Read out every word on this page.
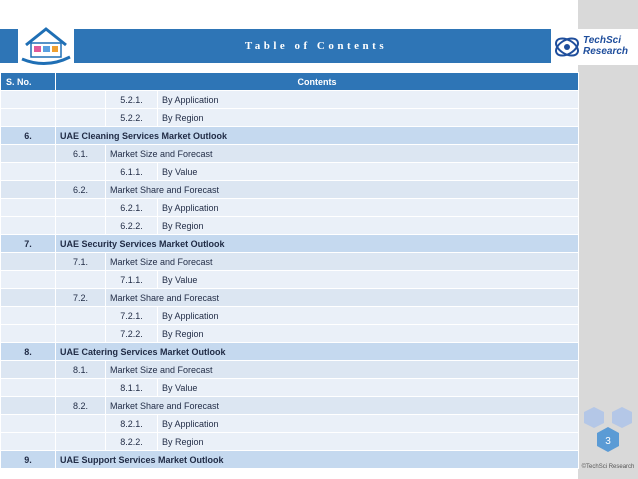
Table of Contents	TechSci
Research
S. No.	Contents		
		5.2.1.	By Application
		5.2.2.	By Region
6.	UAE Cleaning Services Market Outlook		
	6.1.	Market Size and Forecast	
		6.1.1.	By Value
	6.2.	Market Share and Forecast	
		6.2.1.	By Application
		6.2.2.	By Region
7.	UAE Security Services Market Outlook		
	7.1.	Market Size and Forecast	
		7.1.1.	By Value
	7.2.	Market Share and Forecast	
		7.2.1.	By Application
		7.2.2.	By Region
8.	UAE Catering Services Market Outlook		
	8.1.	Market Size and Forecast	
		8.1.1.	By Value
	8.2.	Market Share and Forecast	
		8.2.1.	By Application
		8.2.2.	By Region
9.	UAE Support Services Market Outlook		
3
©TechSci Research
